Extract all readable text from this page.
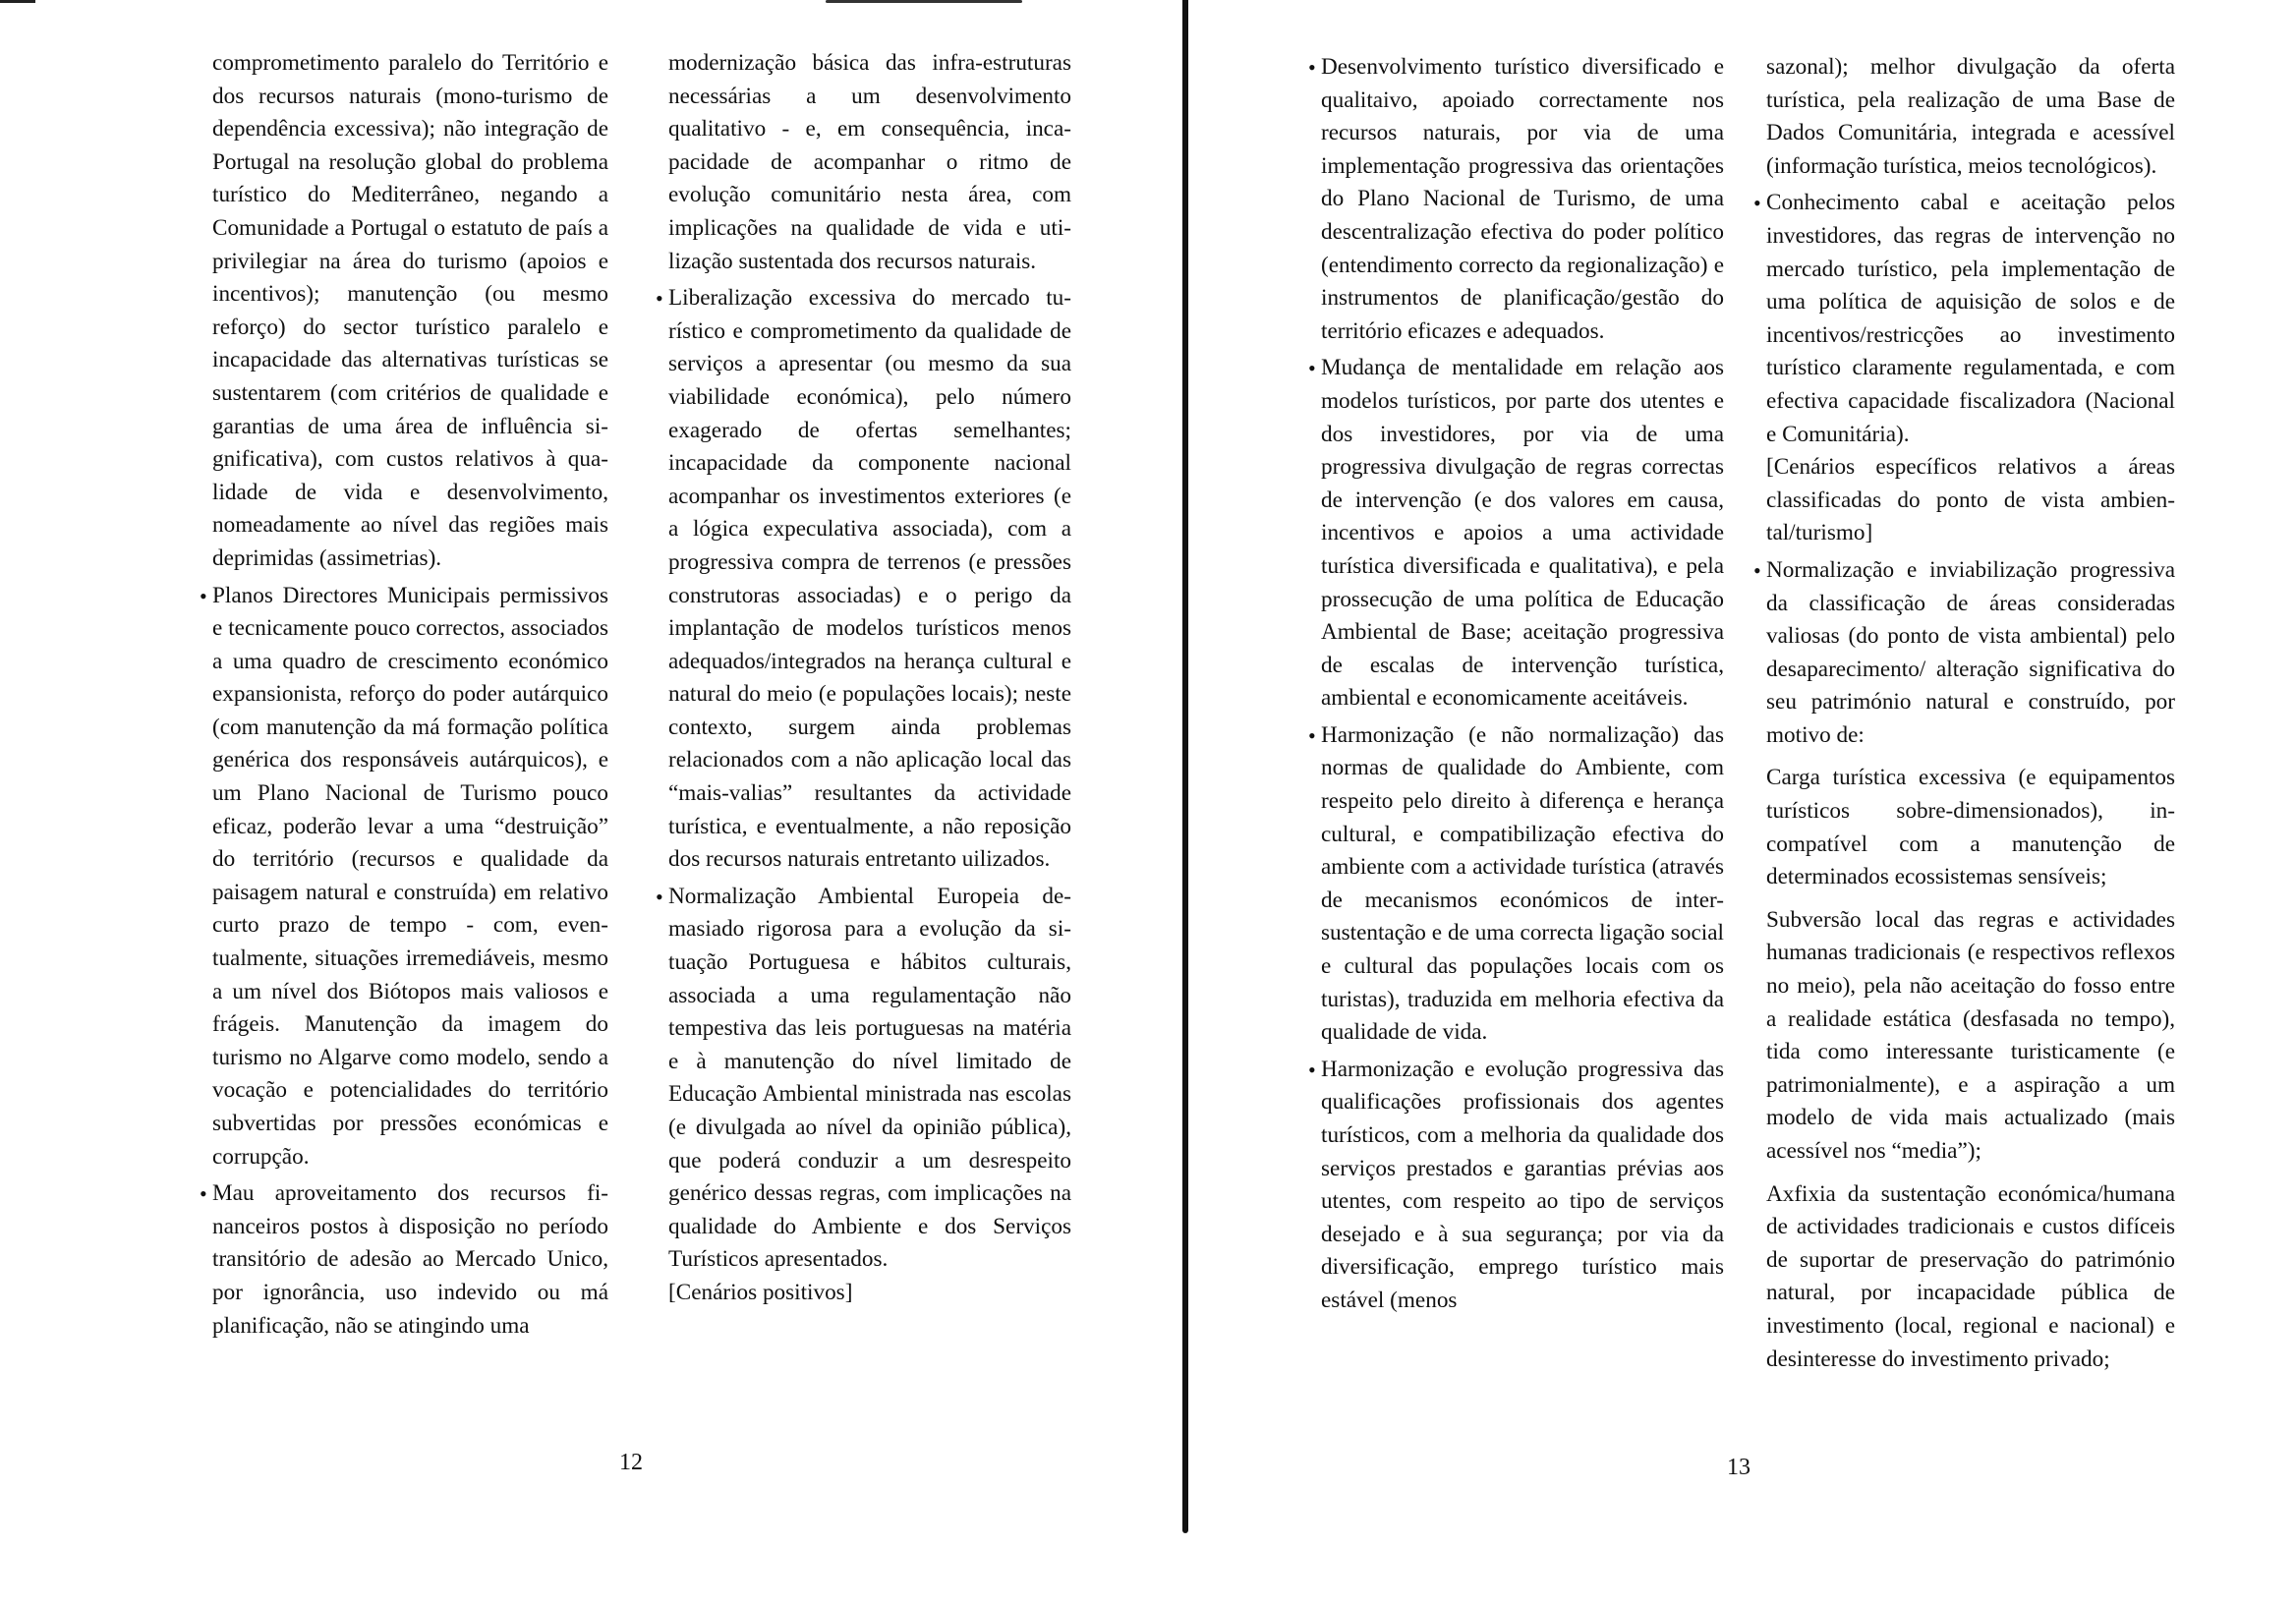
comprometimento paralelo do Território e dos recursos naturais (mono-turismo de dependência excessiva); não integração de Portugal na resolução global do problema turístico do Mediterrâneo, negando a Comunidade a Portugal o estatuto de país a privilegiar na área do turismo (apoios e incentivos); manutenção (ou mesmo reforço) do sector turístico paralelo e incapacidade das alternativas turísticas se sustentarem (com critérios de qualidade e garantias de uma área de influência significativa), com custos relativos à qualidade de vida e desenvolvimento, nomeadamente ao nível das regiões mais deprimidas (assimetrias).

• Planos Directores Municipais permissivos e tecnicamente pouco correctos, associados a uma quadro de crescimento económico expansionista, reforço do poder autárquico (com manutenção da má formação política genérica dos responsáveis autárquicos), e um Plano Nacional de Turismo pouco eficaz, poderão levar a uma “destruição” do território (recursos e qualidade da paisagem natural e construída) em relativo curto prazo de tempo - com, eventualmente, situações irremediáveis, mesmo a um nível dos Biótopos mais valiosos e frágeis. Manutenção da imagem do turismo no Algarve como modelo, sendo a vocação e potencialidades do território subvertidas por pressões económicas e corrupção.

• Mau aproveitamento dos recursos financeiros postos à disposição no período transitório de adesão ao Mercado Unico, por ignorância, uso indevido ou má planificação, não se atingindo uma

modernização básica das infra-estruturas necessárias a um desenvolvimento qualitativo - e, em consequência, incapacidade de acompanhar o ritmo de evolução comunitário nesta área, com implicações na qualidade de vida e utilização sustentada dos recursos naturais.

• Liberalização excessiva do mercado turístico e comprometimento da qualidade de serviços a apresentar (ou mesmo da sua viabilidade económica), pelo número exagerado de ofertas semelhantes; incapacidade da componente nacional acompanhar os investimentos exteriores (e a lógica expeculativa associada), com a progressiva compra de terrenos (e pressões construtoras associadas) e o perigo da implantação de modelos turísticos menos adequados/integrados na herança cultural e natural do meio (e populações locais); neste contexto, surgem ainda problemas relacionados com a não aplicação local das “mais-valias” resultantes da actividade turística, e eventualmente, a não reposição dos recursos naturais entretanto uilizados.

• Normalização Ambiental Europeia demasiado rigorosa para a evolução da situação Portuguesa e hábitos culturais, associada a uma regulamentação não tempestiva das leis portuguesas na matéria e à manutenção do nível limitado de Educação Ambiental ministrada nas escolas (e divulgada ao nível da opinião pública), que poderá conduzir a um desrespeito genérico dessas regras, com implicações na qualidade do Ambiente e dos Serviços Turísticos apresentados.

[Cenários positivos]

12

• Desenvolvimento turístico diversificado e qualitaivo, apoiado correctamente nos recursos naturais, por via de uma implementação progressiva das orientações do Plano Nacional de Turismo, de uma descentralização efectiva do poder político (entendimento correcto da regionalização) e instrumentos de planificação/gestão do território eficazes e adequados.

• Mudança de mentalidade em relação aos modelos turísticos, por parte dos utentes e dos investidores, por via de uma progressiva divulgação de regras correctas de intervenção (e dos valores em causa, incentivos e apoios a uma actividade turística diversificada e qualitativa), e pela prossecução de uma política de Educação Ambiental de Base; aceitação progressiva de escalas de intervenção turística, ambiental e economicamente aceitáveis.

• Harmonização (e não normalização) das normas de qualidade do Ambiente, com respeito pelo direito à diferença e herança cultural, e compatibilização efectiva do ambiente com a actividade turística (através de mecanismos económicos de inter-sustentação e de uma correcta ligação social e cultural das populações locais com os turistas), traduzida em melhoria efectiva da qualidade de vida.

• Harmonização e evolução progressiva das qualificações profissionais dos agentes turísticos, com a melhoria da qualidade dos serviços prestados e garantias prévias aos utentes, com respeito ao tipo de serviços desejado e à sua segurança; por via da diversificação, emprego turístico mais estável (menos

sazonal); melhor divulgação da oferta turística, pela realização de uma Base de Dados Comunitária, integrada e acessível (informação turística, meios tecnológicos).

• Conhecimento cabal e aceitação pelos investidores, das regras de intervenção no mercado turístico, pela implementação de uma política de aquisição de solos e de incentivos/restricções ao investimento turístico claramente regulamentada, e com efectiva capacidade fiscalizadora (Nacional e Comunitária).

[Cenários específicos relativos a áreas classificadas do ponto de vista ambiental/turismo]

• Normalização e inviabilização progressiva da classificação de áreas consideradas valiosas (do ponto de vista ambiental) pelo desaparecimento/ alteração significativa do seu património natural e construído, por motivo de:

Carga turística excessiva (e equipamentos turísticos sobre-dimensionados), incompatível com a manutenção de determinados ecossistemas sensíveis;

Subversão local das regras e actividades humanas tradicionais (e respectivos reflexos no meio), pela não aceitação do fosso entre a realidade estática (desfasada no tempo), tida como interessante turisticamente (e patrimonialmente), e a aspiração a um modelo de vida mais actualizado (mais acessível nos “media”);

Axfixia da sustentação económica/humana de actividades tradicionais e custos difíceis de suportar de preservação do património natural, por incapacidade pública de investimento (local, regional e nacional) e desinteresse do investimento privado;

13
